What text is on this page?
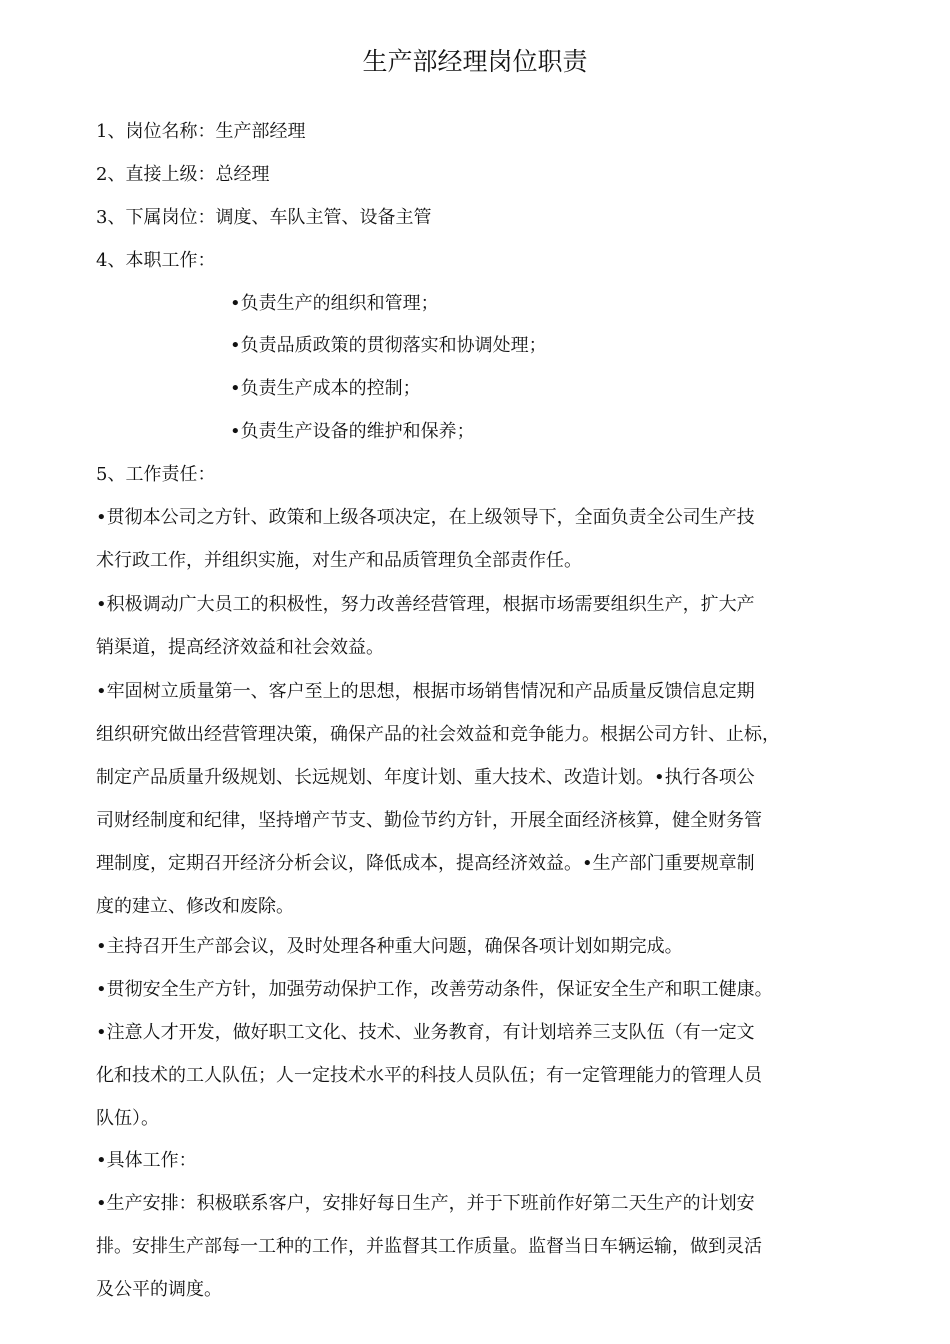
生产部经理岗位职责
1、岗位名称：生产部经理
2、直接上级：总经理
3、下属岗位：调度、车队主管、设备主管
4、本职工作：
•负责生产的组织和管理；
•负责品质政策的贯彻落实和协调处理；
•负责生产成本的控制；
•负责生产设备的维护和保养；
5、工作责任：

•贯彻本公司之方针、政策和上级各项决定，在上级领导下，全面负责全公司生产技

术行政工作，并组织实施，对生产和品质管理负全部责作任。

•积极调动广大员工的积极性，努力改善经营管理，根据市场需要组织生产，扩大产

销渠道，提高经济效益和社会效益。

•牢固树立质量第一、客户至上的思想，根据市场销售情况和产品质量反馈信息定期

组织研究做出经营管理决策，确保产品的社会效益和竞争能力。根据公司方针、止标，

制定产品质量升级规划、长远规划、年度计划、重大技术、改造计划。•执行各项公

司财经制度和纪律，坚持增产节支、勤俭节约方针，开展全面经济核算，健全财务管

理制度，定期召开经济分析会议，降低成本，提高经济效益。•生产部门重要规章制

度的建立、修改和废除。

•主持召开生产部会议，及时处理各种重大问题，确保各项计划如期完成。

•贯彻安全生产方针，加强劳动保护工作，改善劳动条件，保证安全生产和职工健康。

•注意人才开发，做好职工文化、技术、业务教育，有计划培养三支队伍（有一定文

化和技术的工人队伍；人一定技术水平的科技人员队伍；有一定管理能力的管理人员

队伍）。

•具体工作：

•生产安排：积极联系客户，安排好每日生产，并于下班前作好第二天生产的计划安

排。安排生产部每一工种的工作，并监督其工作质量。监督当日车辆运输，做到灵活

及公平的调度。
